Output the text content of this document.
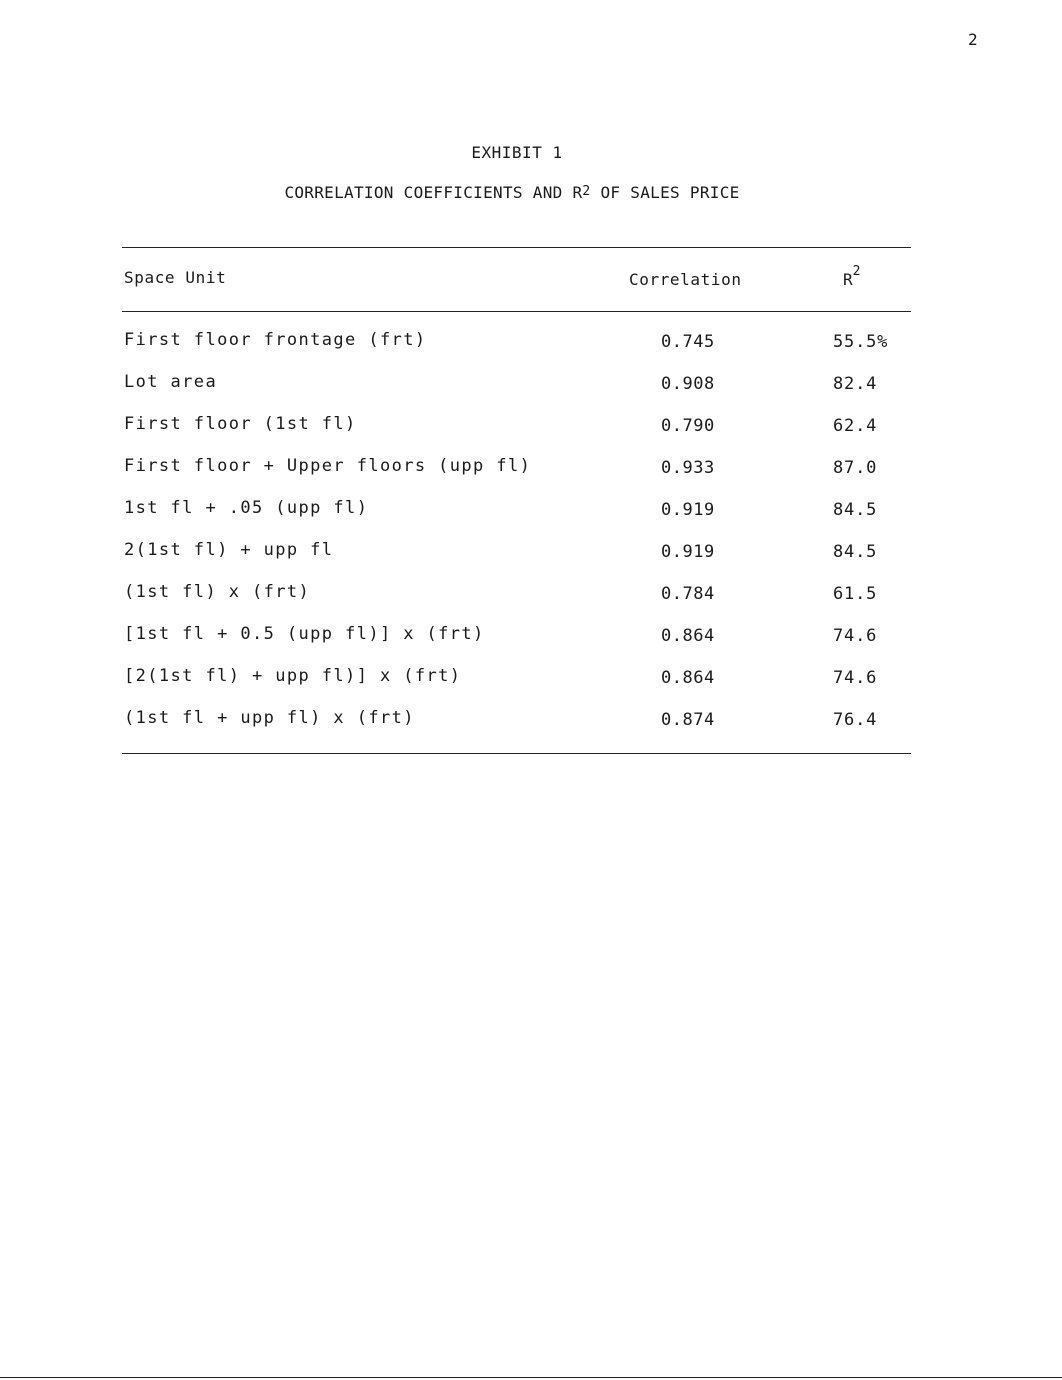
2
EXHIBIT 1
CORRELATION COEFFICIENTS AND $R^2$ OF SALES PRICE
Space Unit	Correlation	$R^2$
First floor frontage (frt)	0.745	55.5%
Lot area	0.908	82.4
First floor (1st fl)	0.790	62.4
First floor + Upper floors (upp fl)	0.933	87.0
1st fl + .05 (upp fl)	0.919	84.5
2(1st fl) + upp fl	0.919	84.5
(1st fl) x (frt)	0.784	61.5
[1st fl + 0.5 (upp fl)] x (frt)	0.864	74.6
[2(1st fl) + upp fl)] x (frt)	0.864	74.6
(1st fl + upp fl) x (frt)	0.874	76.4
